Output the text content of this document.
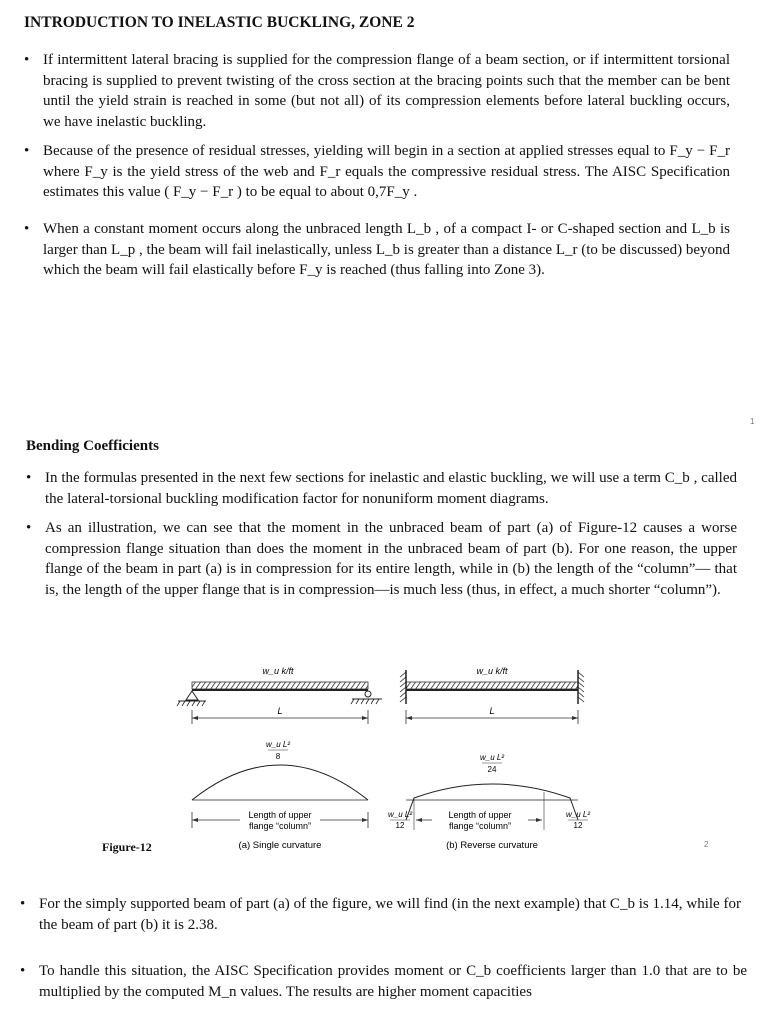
INTRODUCTION TO INELASTIC BUCKLING, ZONE 2
• If intermittent lateral bracing is supplied for the compression flange of a beam section, or if intermittent torsional bracing is supplied to prevent twisting of the cross section at the bracing points such that the member can be bent until the yield strain is reached in some (but not all) of its compression elements before lateral buckling occurs, we have inelastic buckling.
• Because of the presence of residual stresses, yielding will begin in a section at applied stresses equal to F_y − F_r where F_y is the yield stress of the web and F_r equals the compressive residual stress. The AISC Specification estimates this value ( F_y − F_r ) to be equal to about 0,7F_y .
• When a constant moment occurs along the unbraced length L_b , of a compact I- or C-shaped section and L_b is larger than L_p , the beam will fail inelastically, unless L_b is greater than a distance L_r (to be discussed) beyond which the beam will fail elastically before F_y is reached (thus falling into Zone 3).
1
Bending Coefficients
• In the formulas presented in the next few sections for inelastic and elastic buckling, we will use a term C_b , called the lateral-torsional buckling modification factor for nonuniform moment diagrams.
• As an illustration, we can see that the moment in the unbraced beam of part (a) of Figure-12 causes a worse compression flange situation than does the moment in the unbraced beam of part (b). For one reason, the upper flange of the beam in part (a) is in compression for its entire length, while in (b) the length of the “column”— that is, the length of the upper flange that is in compression—is much less (thus, in effect, a much shorter “column”).
Figure-12
w_u k/ft
L
w_u L²
8
Length of upper
flange “column”
(a) Single curvature
w_u k/ft
L
w_u L²
24
w_u L²
12
w_u L²
12
Length of upper
flange “column”
(b) Reverse curvature	2
• For the simply supported beam of part (a) of the figure, we will find (in the next example) that C_b is 1.14, while for the beam of part (b) it is 2.38.
• To handle this situation, the AISC Specification provides moment or C_b coefficients larger than 1.0 that are to be multiplied by the computed M_n values. The results are higher moment capacities
